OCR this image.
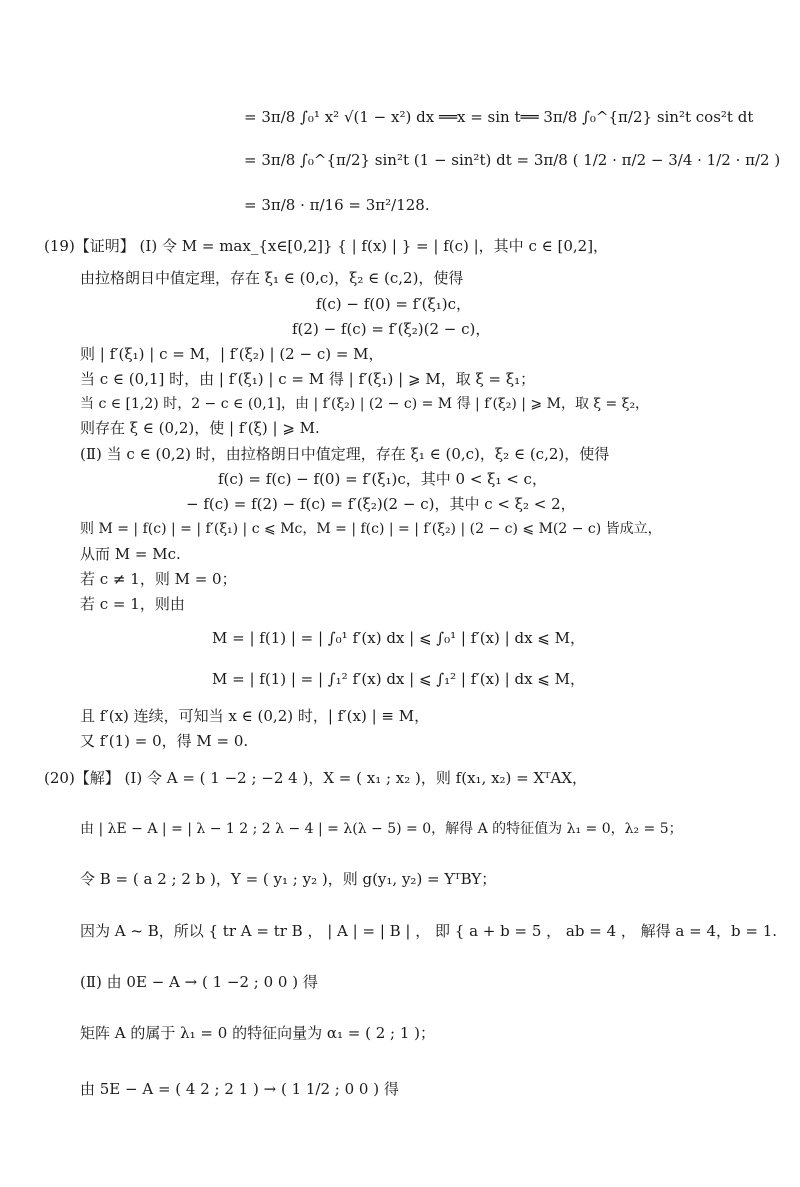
= 3π/8 ∫₀¹ x² √(1 − x²) dx ══x = sin t══ 3π/8 ∫₀^{π/2} sin²t cos²t dt
= 3π/8 ∫₀^{π/2} sin²t (1 − sin²t) dt = 3π/8 ( 1/2 · π/2 − 3/4 · 1/2 · π/2 )
= 3π/8 · π/16 = 3π²/128.
(19)【证明】 (Ⅰ) 令 M = max_{x∈[0,2]} { | f(x) | } = | f(c) |，其中 c ∈ [0,2]，
由拉格朗日中值定理，存在 ξ₁ ∈ (0,c)，ξ₂ ∈ (c,2)，使得
f(c) − f(0) = f′(ξ₁)c，
f(2) − f(c) = f′(ξ₂)(2 − c)，
则 | f′(ξ₁) | c = M，| f′(ξ₂) | (2 − c) = M，
当 c ∈ (0,1] 时，由 | f′(ξ₁) | c = M 得 | f′(ξ₁) | ⩾ M，取 ξ = ξ₁；
当 c ∈ [1,2) 时，2 − c ∈ (0,1]，由 | f′(ξ₂) | (2 − c) = M 得 | f′(ξ₂) | ⩾ M，取 ξ = ξ₂，
则存在 ξ ∈ (0,2)，使 | f′(ξ) | ⩾ M.
(Ⅱ) 当 c ∈ (0,2) 时，由拉格朗日中值定理，存在 ξ₁ ∈ (0,c)，ξ₂ ∈ (c,2)，使得
f(c) = f(c) − f(0) = f′(ξ₁)c，其中 0 < ξ₁ < c，
− f(c) = f(2) − f(c) = f′(ξ₂)(2 − c)，其中 c < ξ₂ < 2，
则 M = | f(c) | = | f′(ξ₁) | c ⩽ Mc，M = | f(c) | = | f′(ξ₂) | (2 − c) ⩽ M(2 − c) 皆成立，
从而 M = Mc.
若 c ≠ 1，则 M = 0；
若 c = 1，则由
M = | f(1) | = | ∫₀¹ f′(x) dx | ⩽ ∫₀¹ | f′(x) | dx ⩽ M，
M = | f(1) | = | ∫₁² f′(x) dx | ⩽ ∫₁² | f′(x) | dx ⩽ M，
且 f′(x) 连续，可知当 x ∈ (0,2) 时，| f′(x) | ≡ M，
又 f′(1) = 0，得 M = 0.
(20)【解】 (Ⅰ) 令 A = ( 1 −2 ; −2 4 )，X = ( x₁ ; x₂ )，则 f(x₁, x₂) = XᵀAX，
由 | λE − A | = | λ − 1 2 ; 2 λ − 4 | = λ(λ − 5) = 0，解得 A 的特征值为 λ₁ = 0，λ₂ = 5；
令 B = ( a 2 ; 2 b )，Y = ( y₁ ; y₂ )，则 g(y₁, y₂) = YᵀBY；
因为 A ~ B，所以 { tr A = tr B ， | A | = | B | ， 即 { a + b = 5 ， ab = 4 ， 解得 a = 4，b = 1.
(Ⅱ) 由 0E − A → ( 1 −2 ; 0 0 ) 得
矩阵 A 的属于 λ₁ = 0 的特征向量为 α₁ = ( 2 ; 1 )；
由 5E − A = ( 4 2 ; 2 1 ) → ( 1 1/2 ; 0 0 ) 得
